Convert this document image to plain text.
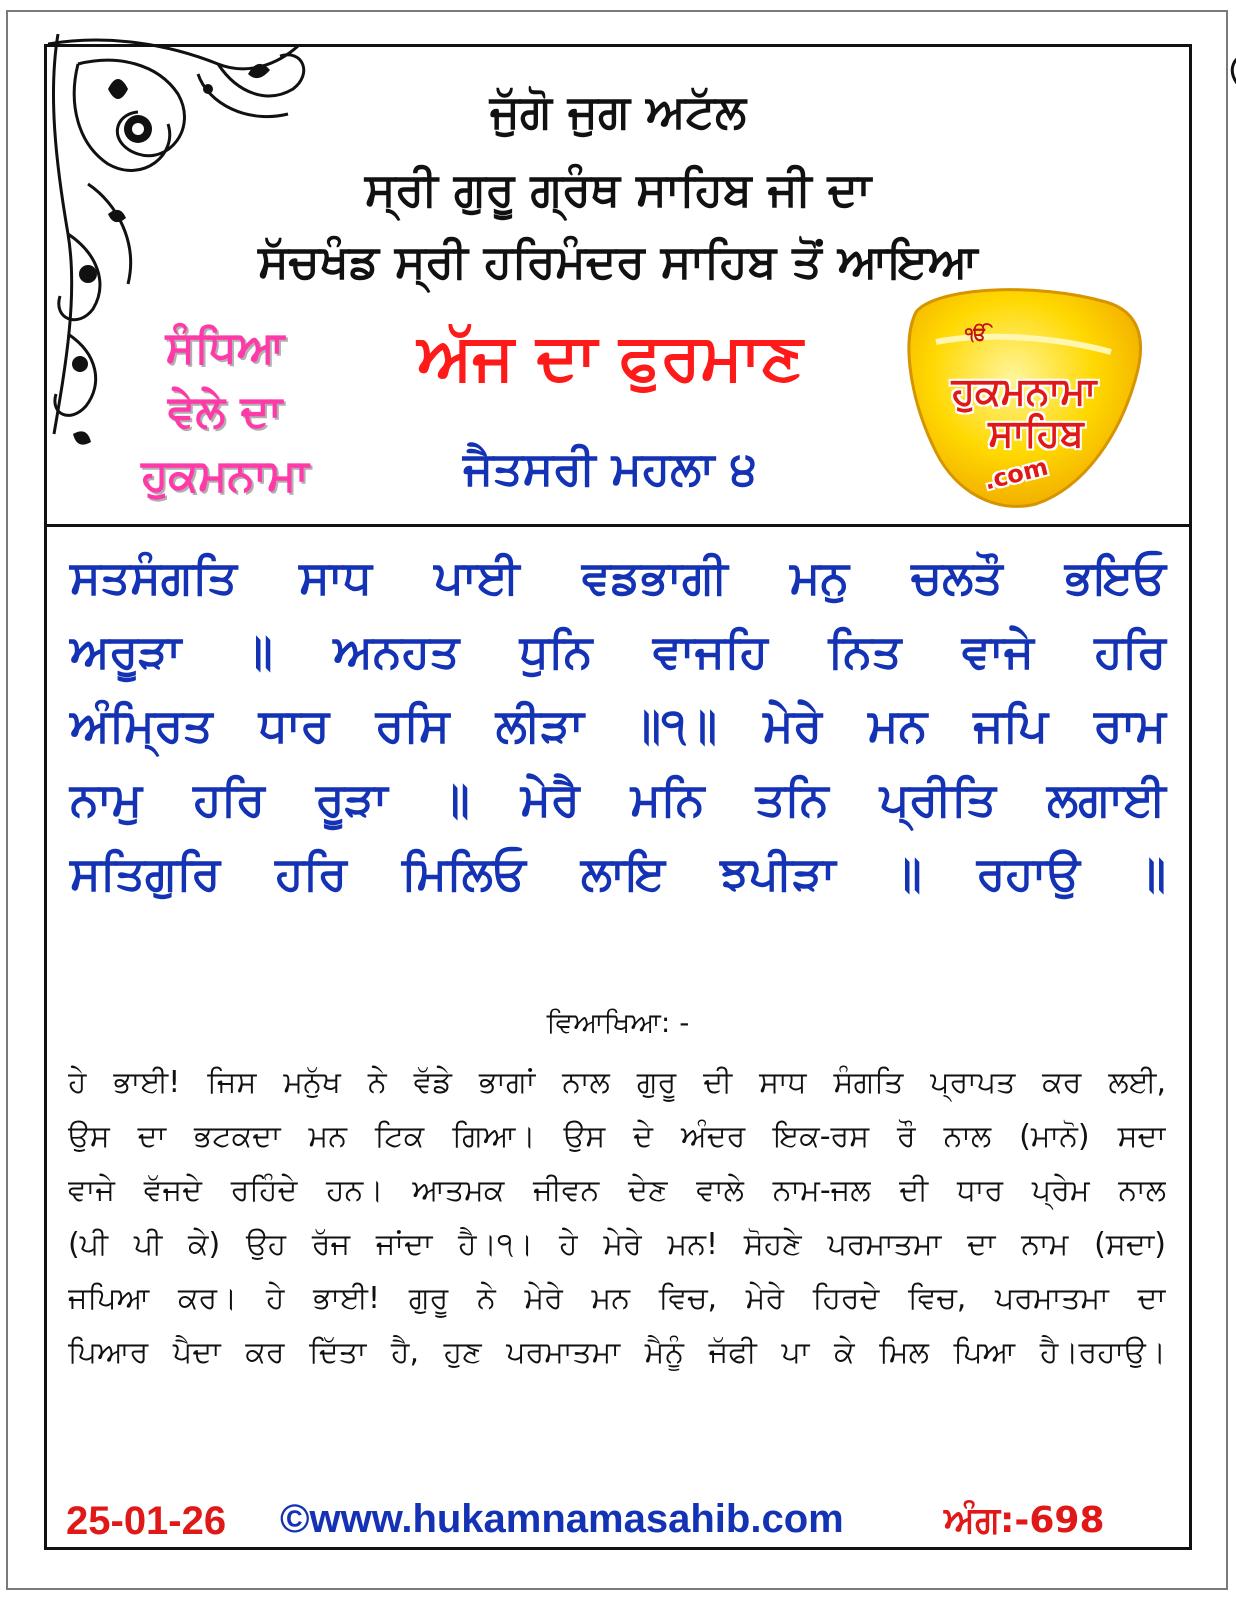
ਜੁੱਗੋ ਜੁਗ ਅਟੱਲ
ਸ੍ਰੀ ਗੁਰੂ ਗ੍ਰੰਥ ਸਾਹਿਬ ਜੀ ਦਾ
ਸੱਚਖੰਡ ਸ੍ਰੀ ਹਰਿਮੰਦਰ ਸਾਹਿਬ ਤੋਂ ਆਇਆ
ਸੰਧਿਆ
ਵੇਲੇ ਦਾ
ਹੁਕਮਨਾਮਾ
ਅੱਜ ਦਾ ਫੁਰਮਾਣ
ਜੈਤਸਰੀ ਮਹਲਾ ੪
ੴ
ਹੁਕਮਨਾਮਾ
ਸਾਹਿਬ
.com
ਸਤਸੰਗਤਿ ਸਾਧ ਪਾਈ ਵਡਭਾਗੀ ਮਨੁ ਚਲਤੌ ਭਇਓ
ਅਰੂੜਾ ॥ ਅਨਹਤ ਧੁਨਿ ਵਾਜਹਿ ਨਿਤ ਵਾਜੇ ਹਰਿ
ਅੰਮ੍ਰਿਤ ਧਾਰ ਰਸਿ ਲੀੜਾ ॥੧॥ ਮੇਰੇ ਮਨ ਜਪਿ ਰਾਮ
ਨਾਮੁ ਹਰਿ ਰੂੜਾ ॥ ਮੇਰੈ ਮਨਿ ਤਨਿ ਪ੍ਰੀਤਿ ਲਗਾਈ
ਸਤਿਗੁਰਿ ਹਰਿ ਮਿਲਿਓ ਲਾਇ ਝਪੀੜਾ ॥ ਰਹਾਉ ॥
ਵਿਆਖਿਆ: -
ਹੇ ਭਾਈ! ਜਿਸ ਮਨੁੱਖ ਨੇ ਵੱਡੇ ਭਾਗਾਂ ਨਾਲ ਗੁਰੂ ਦੀ ਸਾਧ ਸੰਗਤਿ ਪ੍ਰਾਪਤ ਕਰ ਲਈ,
ਉਸ ਦਾ ਭਟਕਦਾ ਮਨ ਟਿਕ ਗਿਆ। ਉਸ ਦੇ ਅੰਦਰ ਇਕ-ਰਸ ਰੌ ਨਾਲ (ਮਾਨੋ) ਸਦਾ
ਵਾਜੇ ਵੱਜਦੇ ਰਹਿੰਦੇ ਹਨ। ਆਤਮਕ ਜੀਵਨ ਦੇਣ ਵਾਲੇ ਨਾਮ-ਜਲ ਦੀ ਧਾਰ ਪ੍ਰੇਮ ਨਾਲ
(ਪੀ ਪੀ ਕੇ) ਉਹ ਰੱਜ ਜਾਂਦਾ ਹੈ।੧। ਹੇ ਮੇਰੇ ਮਨ! ਸੋਹਣੇ ਪਰਮਾਤਮਾ ਦਾ ਨਾਮ (ਸਦਾ)
ਜਪਿਆ ਕਰ। ਹੇ ਭਾਈ! ਗੁਰੂ ਨੇ ਮੇਰੇ ਮਨ ਵਿਚ, ਮੇਰੇ ਹਿਰਦੇ ਵਿਚ, ਪਰਮਾਤਮਾ ਦਾ
ਪਿਆਰ ਪੈਦਾ ਕਰ ਦਿੱਤਾ ਹੈ, ਹੁਣ ਪਰਮਾਤਮਾ ਮੈਨੂੰ ਜੱਫੀ ਪਾ ਕੇ ਮਿਲ ਪਿਆ ਹੈ।ਰਹਾਉ।
25-01-26 ©www.hukamnamasahib.com	ਅੰਗ:-698
